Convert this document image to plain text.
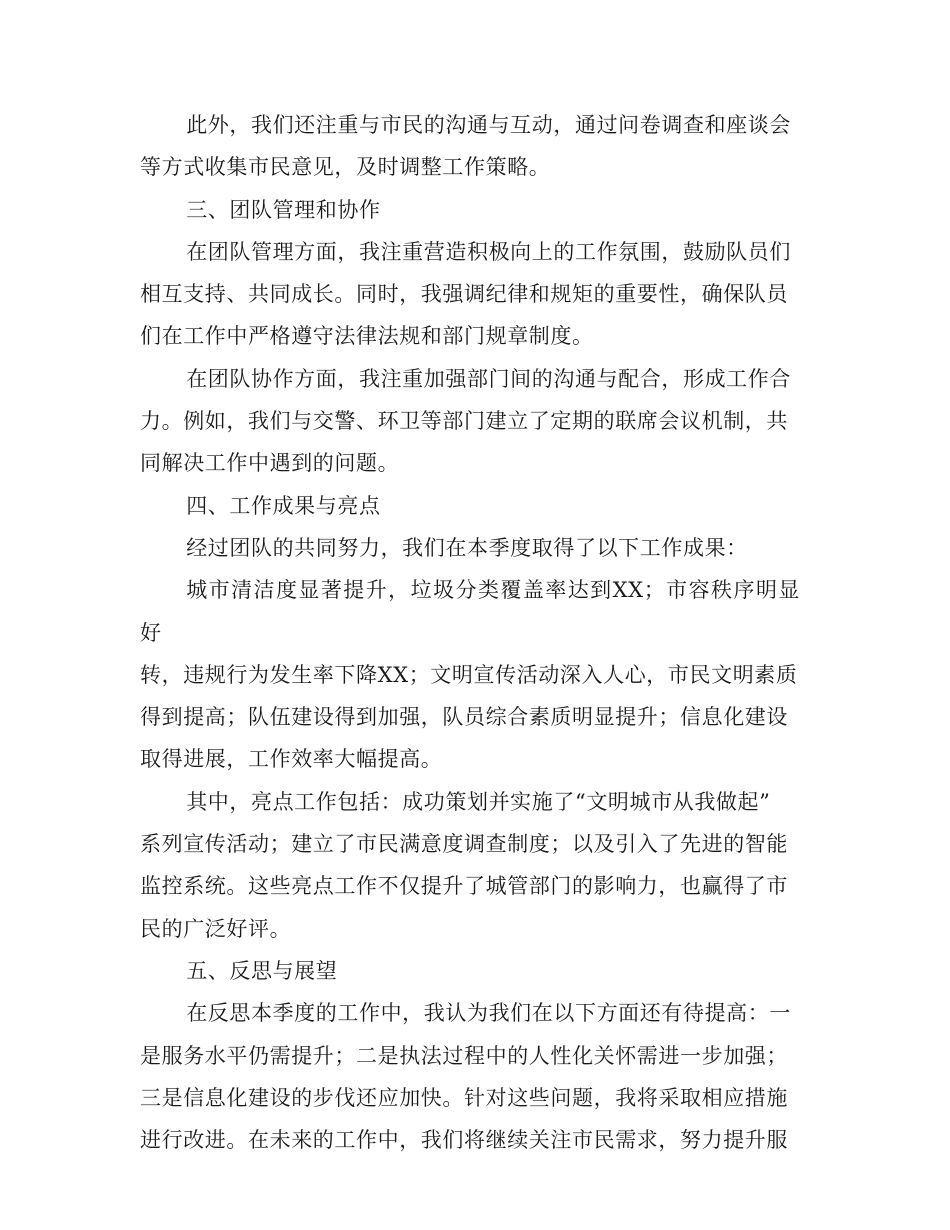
此外，我们还注重与市民的沟通与互动，通过问卷调查和座谈会
等方式收集市民意见，及时调整工作策略。

三、团队管理和协作

在团队管理方面，我注重营造积极向上的工作氛围，鼓励队员们
相互支持、共同成长。同时，我强调纪律和规矩的重要性，确保队员
们在工作中严格遵守法律法规和部门规章制度。

在团队协作方面，我注重加强部门间的沟通与配合，形成工作合
力。例如，我们与交警、环卫等部门建立了定期的联席会议机制，共
同解决工作中遇到的问题。

四、工作成果与亮点

经过团队的共同努力，我们在本季度取得了以下工作成果：

城市清洁度显著提升，垃圾分类覆盖率达到XX；市容秩序明显好
转，违规行为发生率下降XX；文明宣传活动深入人心，市民文明素质
得到提高；队伍建设得到加强，队员综合素质明显提升；信息化建设
取得进展，工作效率大幅提高。

其中，亮点工作包括：成功策划并实施了“文明城市从我做起”
系列宣传活动；建立了市民满意度调查制度；以及引入了先进的智能
监控系统。这些亮点工作不仅提升了城管部门的影响力，也赢得了市
民的广泛好评。

五、反思与展望

在反思本季度的工作中，我认为我们在以下方面还有待提高：一
是服务水平仍需提升；二是执法过程中的人性化关怀需进一步加强；
三是信息化建设的步伐还应加快。针对这些问题，我将采取相应措施
进行改进。在未来的工作中，我们将继续关注市民需求，努力提升服
